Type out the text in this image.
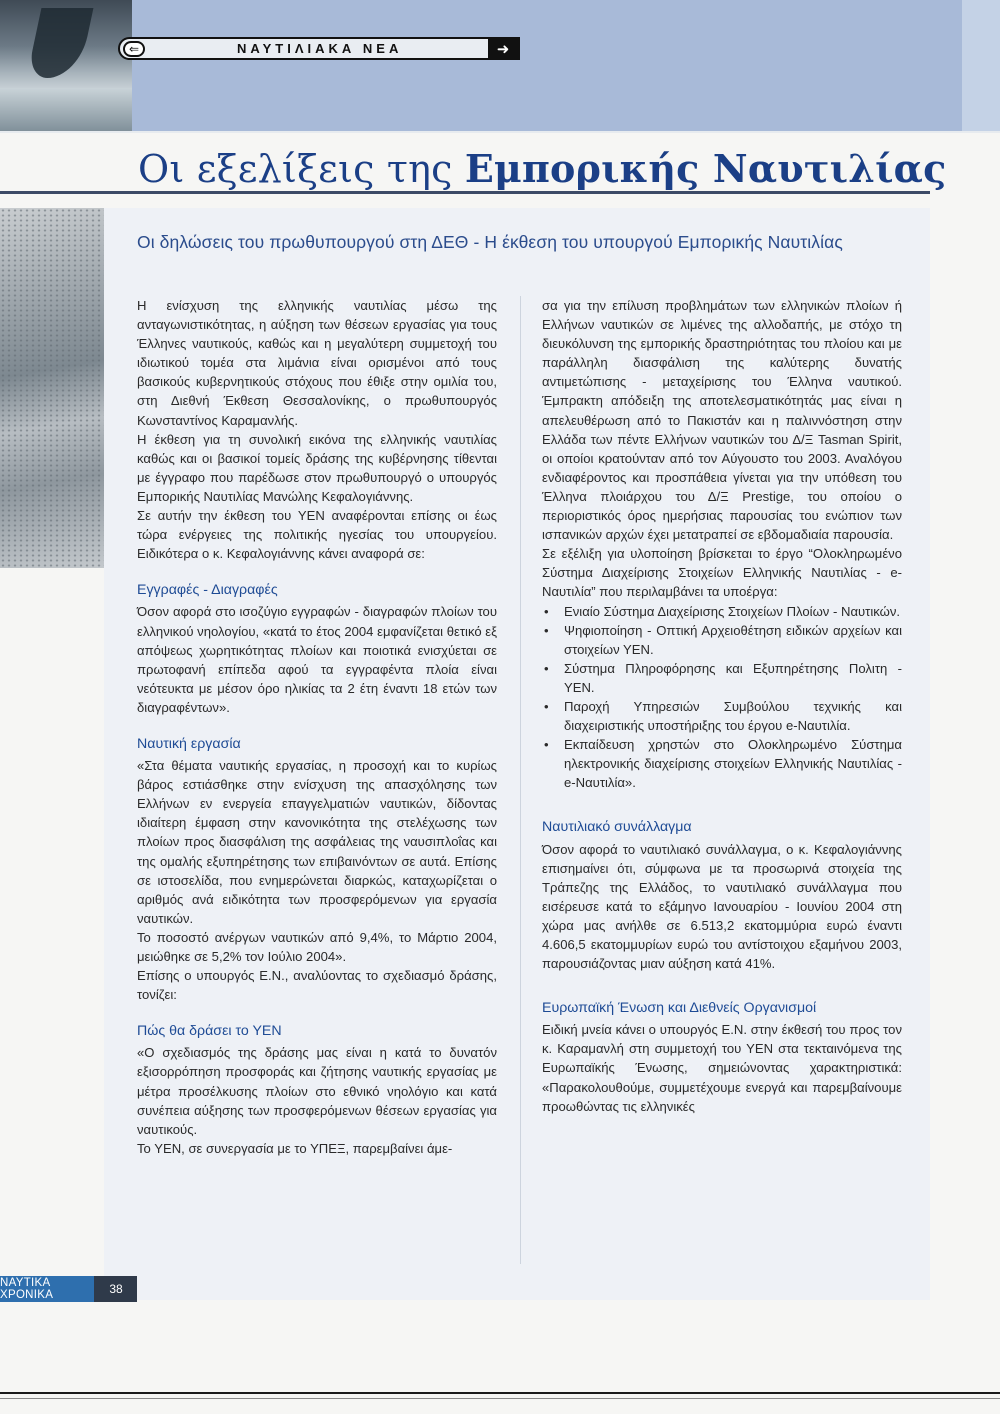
⇐	ΝΑΥΤΙΛΙΑΚΑ ΝΕΑ	➜
Οι εξελίξεις της Εμπορικής Ναυτιλίας
Οι δηλώσεις του πρωθυπουργού στη ΔΕΘ - Η έκθεση του υπουργού Εμπορικής Ναυτιλίας

Η ενίσχυση της ελληνικής ναυτιλίας μέσω της ανταγωνιστικότητας, η αύξηση των θέσεων εργασίας για τους Έλληνες ναυτικούς, καθώς και η μεγαλύτερη συμμετοχή του ιδιωτικού τομέα στα λιμάνια είναι ορισμένοι από τους βασικούς κυβερνητικούς στόχους που έθιξε στην ομιλία του, στη Διεθνή Έκθεση Θεσσαλονίκης, ο πρωθυπουργός Κωνσταντίνος Καραμανλής.

Η έκθεση για τη συνολική εικόνα της ελληνικής ναυτιλίας καθώς και οι βασικοί τομείς δράσης της κυβέρνησης τίθενται με έγγραφο που παρέδωσε στον πρωθυπουργό ο υπουργός Εμπορικής Ναυτιλίας Μανώλης Κεφαλογιάννης.

Σε αυτήν την έκθεση του ΥΕΝ αναφέρονται επίσης οι έως τώρα ενέργειες της πολιτικής ηγεσίας του υπουργείου. Ειδικότερα ο κ. Κεφαλογιάννης κάνει αναφορά σε:

Εγγραφές - Διαγραφές

Όσον αφορά στο ισοζύγιο εγγραφών - διαγραφών πλοίων του ελληνικού νηολογίου, «κατά το έτος 2004 εμφανίζεται θετικό εξ απόψεως χωρητικότητας πλοίων και ποιοτικά ενισχύεται σε πρωτοφανή επίπεδα αφού τα εγγραφέντα πλοία είναι νεότευκτα με μέσον όρο ηλικίας τα 2 έτη έναντι 18 ετών των διαγραφέντων».

Ναυτική εργασία

«Στα θέματα ναυτικής εργασίας, η προσοχή και το κυρίως βάρος εστιάσθηκε στην ενίσχυση της απασχόλησης των Ελλήνων εν ενεργεία επαγγελματιών ναυτικών, δίδοντας ιδιαίτερη έμφαση στην κανονικότητα της στελέχωσης των πλοίων προς διασφάλιση της ασφάλειας της ναυσιπλοΐας και της ομαλής εξυπηρέτησης των επιβαινόντων σε αυτά. Επίσης σε ιστοσελίδα, που ενημερώνεται διαρκώς, καταχωρίζεται ο αριθμός ανά ειδικότητα των προσφερόμενων για εργασία ναυτικών.

Το ποσοστό ανέργων ναυτικών από 9,4%, το Μάρτιο 2004, μειώθηκε σε 5,2% τον Ιούλιο 2004».

Επίσης ο υπουργός Ε.Ν., αναλύοντας το σχεδιασμό δράσης, τονίζει:

Πώς θα δράσει το ΥΕΝ

«Ο σχεδιασμός της δράσης μας είναι η κατά το δυνατόν εξισορρόπηση προσφοράς και ζήτησης ναυτικής εργασίας με μέτρα προσέλκυσης πλοίων στο εθνικό νηολόγιο και κατά συνέπεια αύξησης των προσφερόμενων θέσεων εργασίας για ναυτικούς.

Το ΥΕΝ, σε συνεργασία με το ΥΠΕΞ, παρεμβαίνει άμε-

σα για την επίλυση προβλημάτων των ελληνικών πλοίων ή Ελλήνων ναυτικών σε λιμένες της αλλοδαπής, με στόχο τη διευκόλυνση της εμπορικής δραστηριότητας του πλοίου και με παράλληλη διασφάλιση της καλύτερης δυνατής αντιμετώπισης - μεταχείρισης του Έλληνα ναυτικού. Έμπρακτη απόδειξη της αποτελεσματικότητάς μας είναι η απελευθέρωση από το Πακιστάν και η παλιννόστηση στην Ελλάδα των πέντε Ελλήνων ναυτικών του Δ/Ξ Tasman Spirit, οι οποίοι κρατούνταν από τον Αύγουστο του 2003. Αναλόγου ενδιαφέροντος και προσπάθεια γίνεται για την υπόθεση του Έλληνα πλοιάρχου του Δ/Ξ Prestige, του οποίου ο περιοριστικός όρος ημερήσιας παρουσίας του ενώπιον των ισπανικών αρχών έχει μετατραπεί σε εβδομαδιαία παρουσία.

Σε εξέλιξη για υλοποίηση βρίσκεται το έργο “Ολοκληρωμένο Σύστημα Διαχείρισης Στοιχείων Ελληνικής Ναυτιλίας - e-Ναυτιλία” που περιλαμβάνει τα υποέργα:

• Ενιαίο Σύστημα Διαχείρισης Στοιχείων Πλοίων - Ναυτικών.
• Ψηφιοποίηση - Οπτική Αρχειοθέτηση ειδικών αρχείων και στοιχείων ΥΕΝ.
• Σύστημα Πληροφόρησης και Εξυπηρέτησης Πολιτη - ΥΕΝ.
• Παροχή Υπηρεσιών Συμβούλου τεχνικής και διαχειριστικής υποστήριξης του έργου e-Ναυτιλία.
• Εκπαίδευση χρηστών στο Ολοκληρωμένο Σύστημα ηλεκτρονικής διαχείρισης στοιχείων Ελληνικής Ναυτιλίας - e-Ναυτιλία».
Ναυτιλιακό συνάλλαγμα

Όσον αφορά το ναυτιλιακό συνάλλαγμα, ο κ. Κεφαλογιάννης επισημαίνει ότι, σύμφωνα με τα προσωρινά στοιχεία της Τράπεζης της Ελλάδος, το ναυτιλιακό συνάλλαγμα που εισέρευσε κατά το εξάμηνο Ιανουαρίου - Ιουνίου 2004 στη χώρα μας ανήλθε σε 6.513,2 εκατομμύρια ευρώ έναντι 4.606,5 εκατομμυρίων ευρώ του αντίστοιχου εξαμήνου 2003, παρουσιάζοντας μιαν αύξηση κατά 41%.

Ευρωπαϊκή Ένωση και Διεθνείς Οργανισμοί

Ειδική μνεία κάνει ο υπουργός Ε.Ν. στην έκθεσή του προς τον κ. Καραμανλή στη συμμετοχή του ΥΕΝ στα τεκταινόμενα της Ευρωπαϊκής Ένωσης, σημειώνοντας χαρακτηριστικά: «Παρακολουθούμε, συμμετέχουμε ενεργά και παρεμβαίνουμε προωθώντας τις ελληνικές

ΝΑΥΤΙΚΑ ΧΡΟΝΙΚΑ	38
